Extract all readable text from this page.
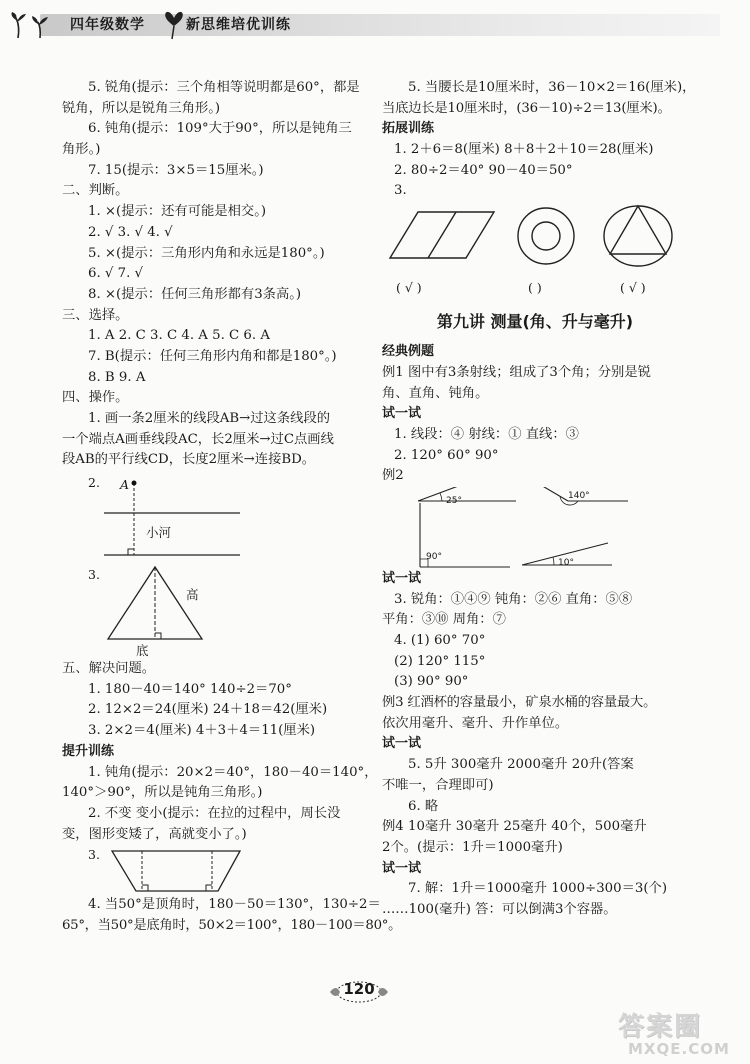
四年级数学	新思维培优训练
5. 锐角(提示：三个角相等说明都是60°，都是
锐角，所以是锐角三角形。)
6. 钝角(提示：109°大于90°，所以是钝角三
角形。)
7. 15(提示：3×5＝15厘米。)
二、判断。
1. ×(提示：还有可能是相交。)
2. √ 3. √ 4. √
5. ×(提示：三角形内角和永远是180°。)
6. √ 7. √
8. ×(提示：任何三角形都有3条高。)
三、选择。
1. A 2. C 3. C 4. A 5. C 6. A
7. B(提示：任何三角形内角和都是180°。)
8. B 9. A
四、操作。
1. 画一条2厘米的线段AB→过这条线段的
一个端点A画垂线段AC，长2厘米→过C点画线
段AB的平行线CD，长度2厘米→连接BD。
2. A
小河
3.
高
底
五、解决问题。
1. 180－40＝140° 140÷2＝70°
2. 12×2＝24(厘米) 24＋18＝42(厘米)
3. 2×2＝4(厘米) 4＋3＋4＝11(厘米)
提升训练
1. 钝角(提示：20×2＝40°，180－40＝140°，
140°＞90°，所以是钝角三角形。)
2. 不变 变小(提示：在拉的过程中，周长没
变，图形变矮了，高就变小了。)
3.
4. 当50°是顶角时，180－50＝130°，130÷2＝
65°，当50°是底角时，50×2＝100°，180－100＝80°。
5. 当腰长是10厘米时，36－10×2＝16(厘米)，
当底边长是10厘米时，(36－10)÷2＝13(厘米)。
拓展训练
1. 2＋6＝8(厘米) 8＋8＋2＋10＝28(厘米)
2. 80÷2＝40° 90－40＝50°
3.
( √ )	( )	( √ )
第九讲 测量(角、升与毫升)
经典例题
例1 图中有3条射线；组成了3个角；分别是锐
角、直角、钝角。
试一试
1. 线段：④ 射线：① 直线：③
2. 120° 60° 90°
例2
25°	140°
90°
10°
试一试
3. 锐角：①④⑨ 钝角：②⑥ 直角：⑤⑧
平角：③⑩ 周角：⑦
4. (1) 60° 70°
(2) 120° 115°
(3) 90° 90°
例3 红酒杯的容量最小，矿泉水桶的容量最大。
依次用毫升、毫升、升作单位。
试一试
5. 5升 300毫升 2000毫升 20升(答案
不唯一，合理即可)
6. 略
例4 10毫升 30毫升 25毫升 40个，500毫升
2个。(提示：1升＝1000毫升)
试一试
7. 解：1升＝1000毫升 1000÷300＝3(个)
……100(毫升) 答：可以倒满3个容器。
120
答案圈
MXQE.COM
